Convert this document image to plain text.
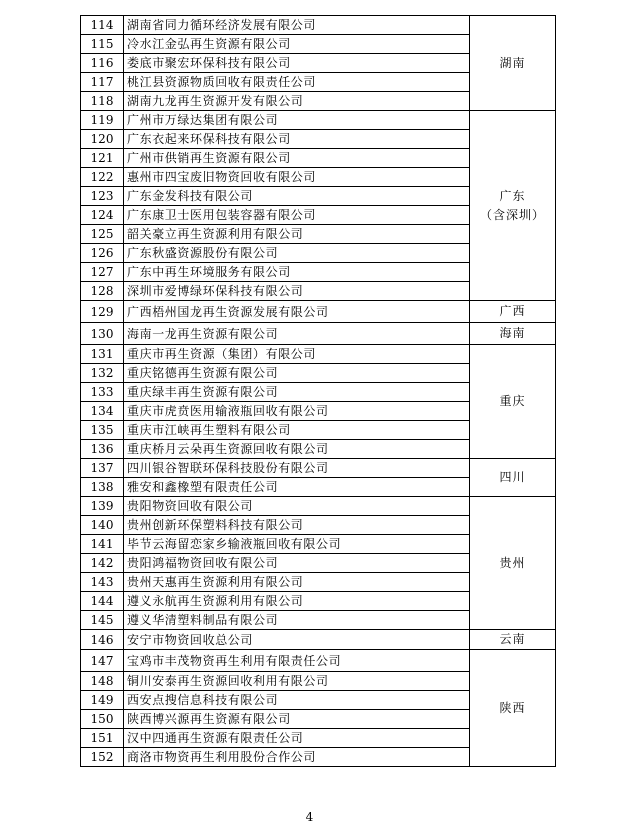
114	湖南省同力循环经济发展有限公司	湖南

115	冷水江金弘再生资源有限公司	
116	娄底市聚宏环保科技有限公司	
117	桃江县资源物质回收有限责任公司	
118	湖南九龙再生资源开发有限公司	
119	广州市万绿达集团有限公司	广东
（含深圳）

120	广东衣起来环保科技有限公司	
121	广州市供销再生资源有限公司	
122	惠州市四宝废旧物资回收有限公司	
123	广东金发科技有限公司	
124	广东康卫士医用包装容器有限公司	
125	韶关豪立再生资源利用有限公司	
126	广东秋盛资源股份有限公司	
127	广东中再生环境服务有限公司	
128	深圳市爱博绿环保科技有限公司	
129	广西梧州国龙再生资源发展有限公司	广西

130	海南一龙再生资源有限公司	海南

131	重庆市再生资源（集团）有限公司	重庆

132	重庆铭德再生资源有限公司	
133	重庆绿丰再生资源有限公司	
134	重庆市虎贲医用输液瓶回收有限公司	
135	重庆市江峡再生塑料有限公司	
136	重庆桥月云朵再生资源回收有限公司	
137	四川银谷智联环保科技股份有限公司	四川

138	雅安和鑫橡塑有限责任公司	
139	贵阳物资回收有限公司	贵州

140	贵州创新环保塑料科技有限公司	
141	毕节云海留恋家乡输液瓶回收有限公司	
142	贵阳鸿福物资回收有限公司	
143	贵州天惠再生资源利用有限公司	
144	遵义永航再生资源利用有限公司	
145	遵义华清塑料制品有限公司	
146	安宁市物资回收总公司	云南

147	宝鸡市丰茂物资再生利用有限责任公司	陕西

148	铜川安泰再生资源回收利用有限公司	
149	西安点搜信息科技有限公司	
150	陕西博兴源再生资源有限公司	
151	汉中四通再生资源有限责任公司	
152	商洛市物资再生利用股份合作公司	
4
